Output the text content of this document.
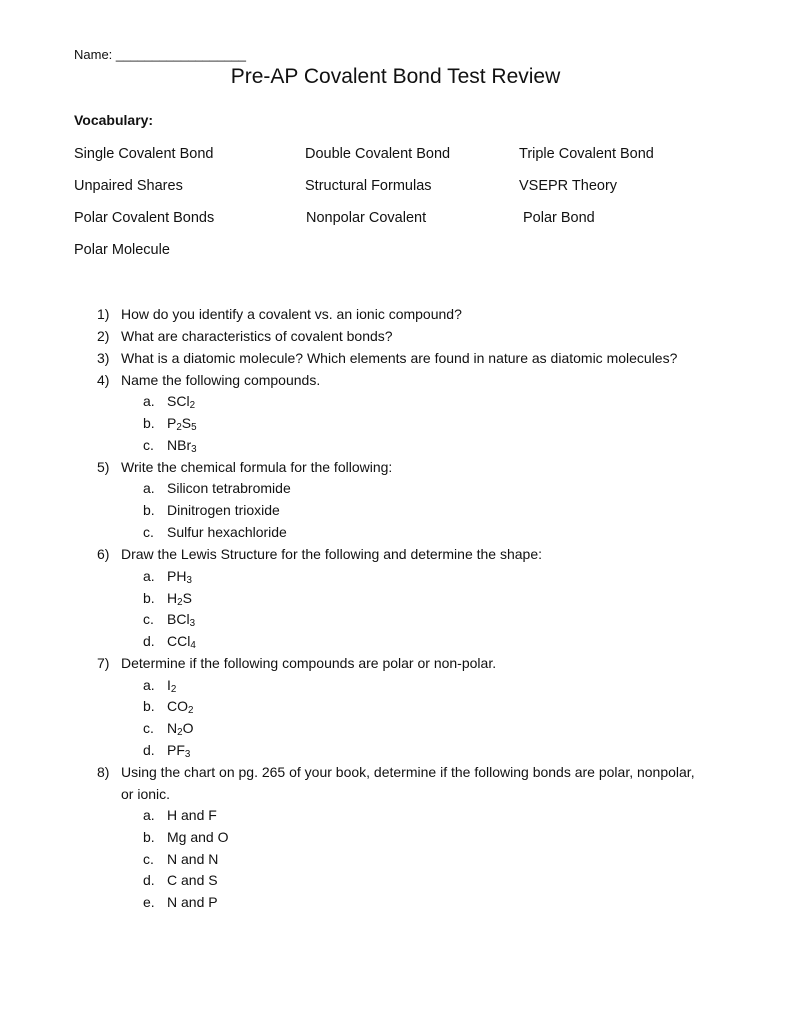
Name: __________________
Pre-AP Covalent Bond Test Review
Vocabulary:
Single Covalent Bond	Double Covalent Bond	Triple Covalent Bond
Unpaired Shares	Structural Formulas	VSEPR Theory
Polar Covalent Bonds	Nonpolar Covalent	Polar Bond
Polar Molecule
1) How do you identify a covalent vs. an ionic compound?
2) What are characteristics of covalent bonds?
3) What is a diatomic molecule? Which elements are found in nature as diatomic molecules?
4) Name the following compounds.
a. SCl$_2$
b. $P_2S_5$
c. NBr$_3$
5) Write the chemical formula for the following:
a. Silicon tetrabromide
b. Dinitrogen trioxide
c. Sulfur hexachloride
6) Draw the Lewis Structure for the following and determine the shape:
a. $PH_3$
b. $H_2S$
c. BCl$_3$
d. CCl$_4$
7) Determine if the following compounds are polar or non-polar.
a. $I_2$
b. $CO_2$
c. $N_2O$
d. $PF_3$
8) Using the chart on pg. 265 of your book, determine if the following bonds are polar, nonpolar,
or ionic.
a. H and F
b. Mg and O
c. N and N
d. C and S
e. N and P
